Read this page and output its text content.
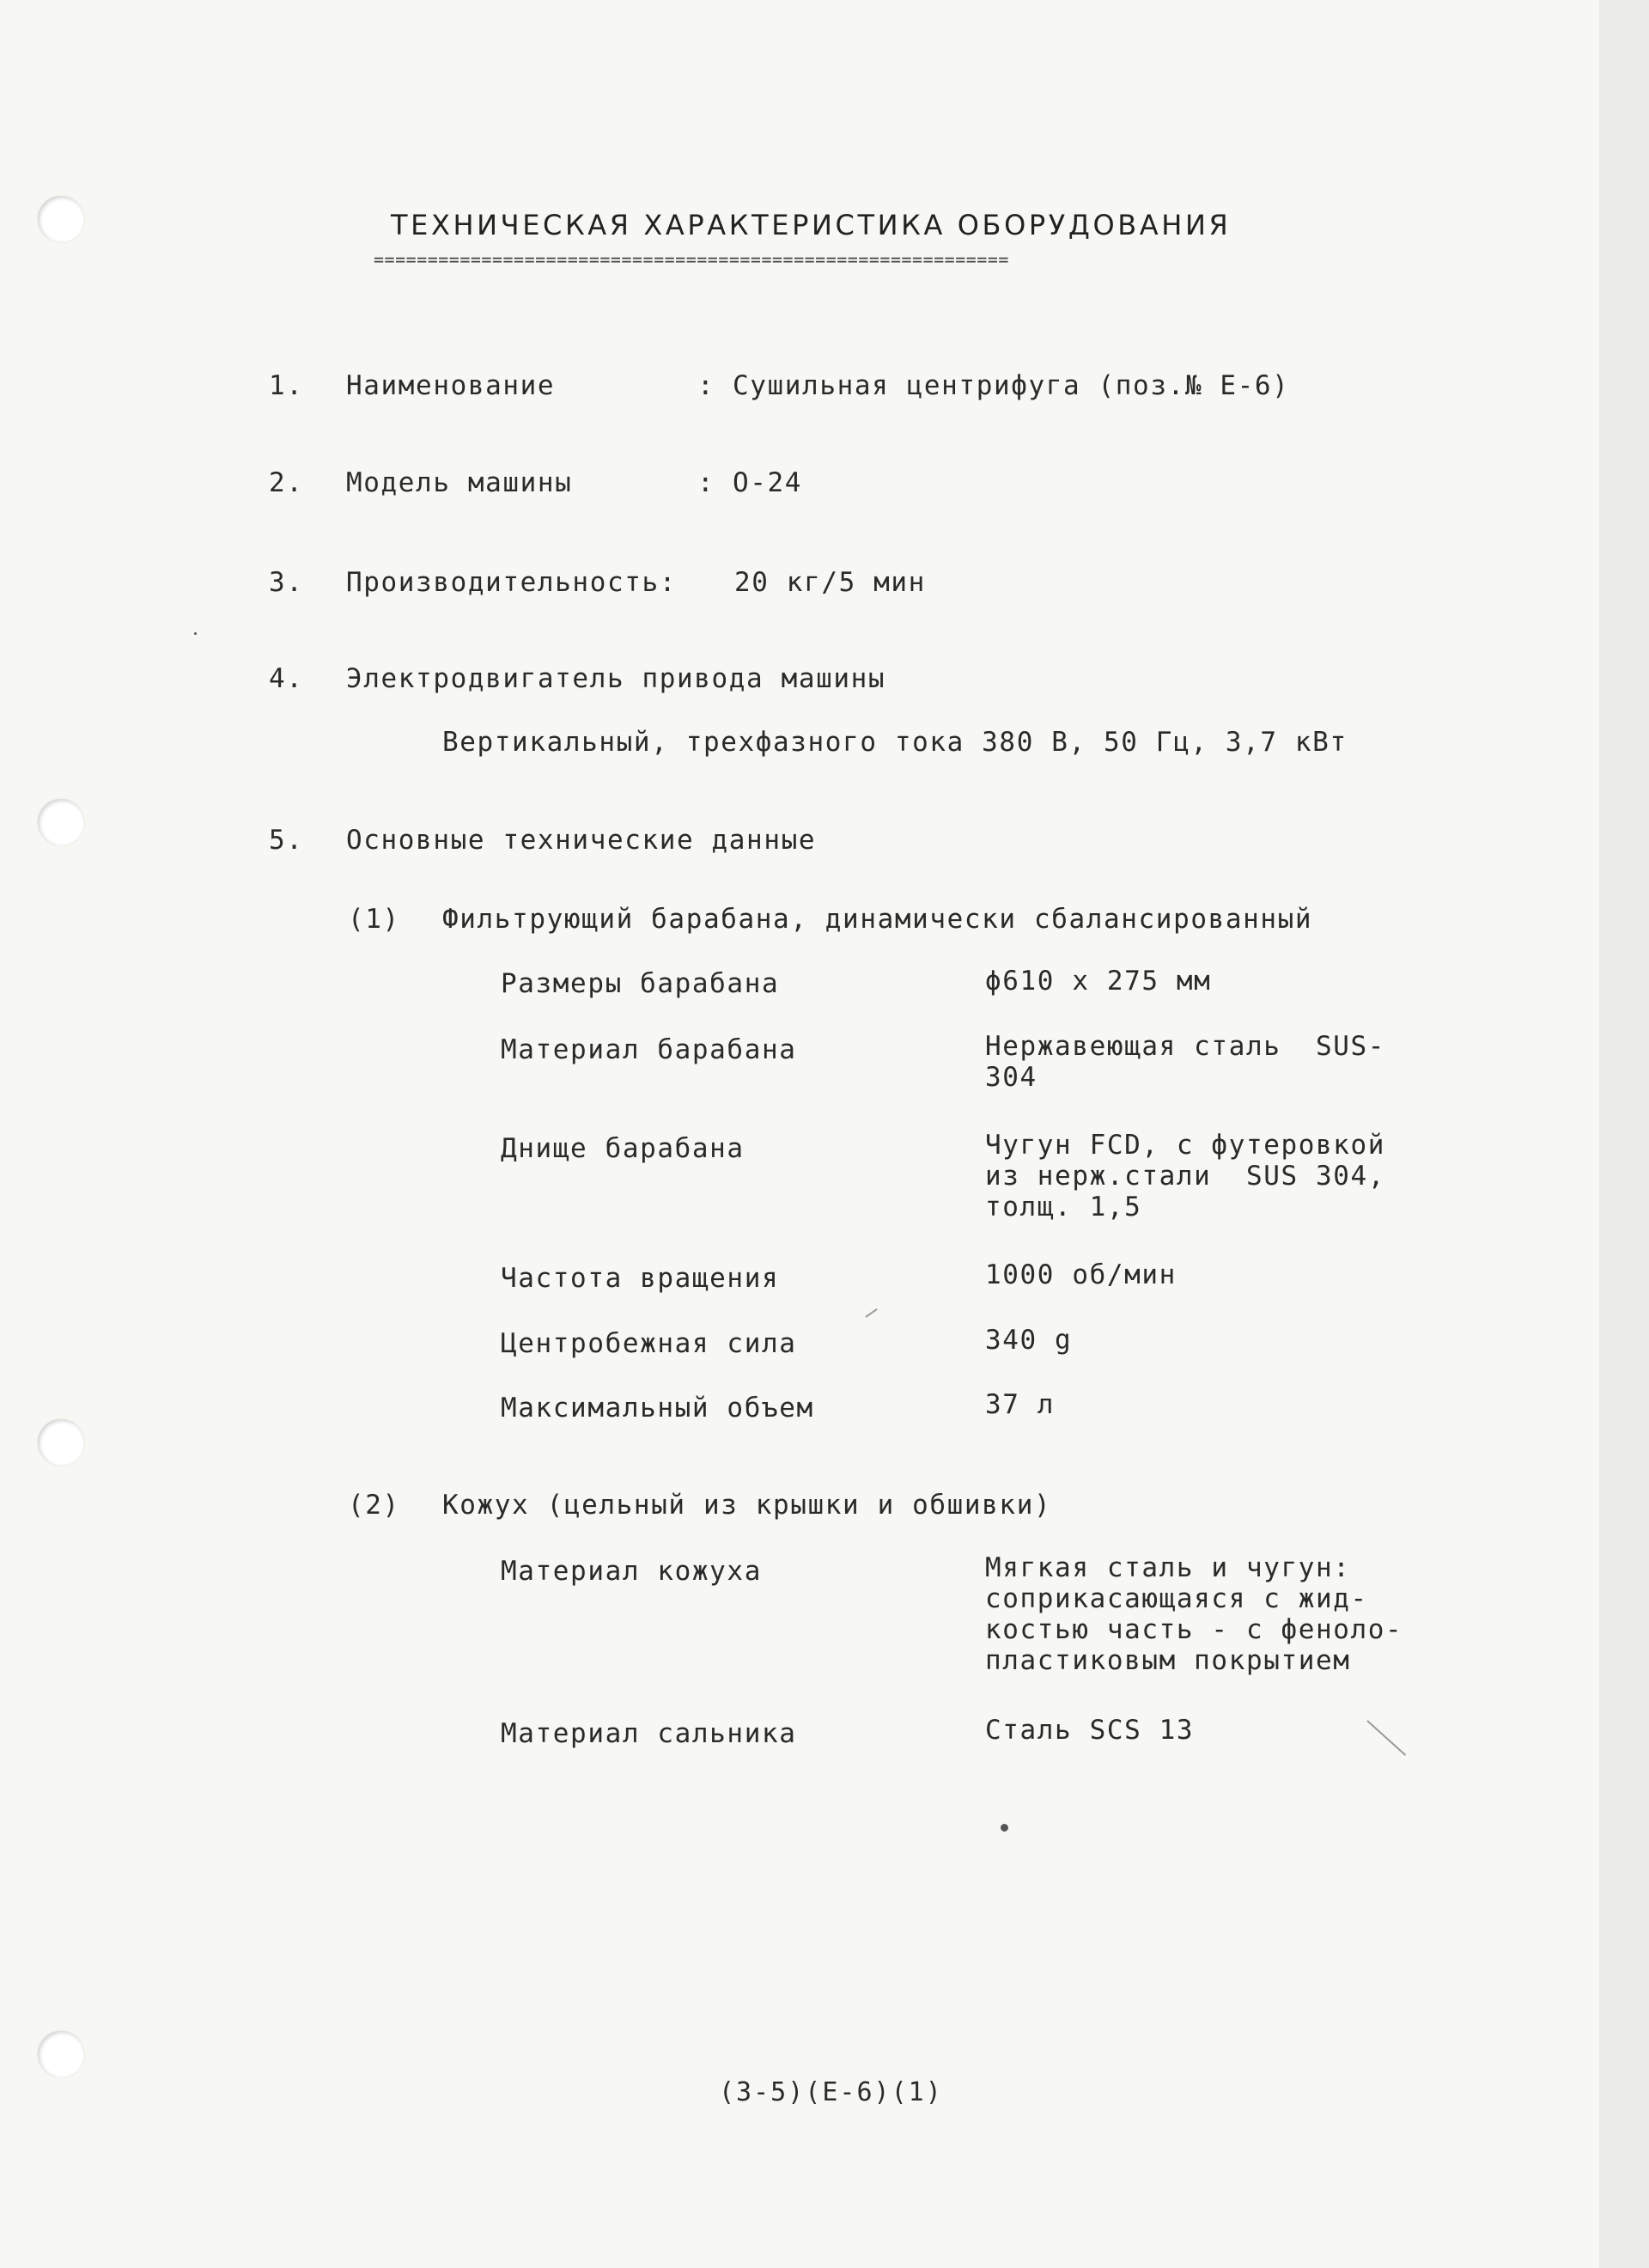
ТЕХНИЧЕСКАЯ ХАРАКТЕРИСТИКА ОБОРУДОВАНИЯ
===========================================================
1. Наименование	: Сушильная центрифуга (поз.№ Е-6)
2. Модель машины	: О-24
3. Производительность: 20 кг/5 мин
4. Электродвигатель привода машины
Вертикальный, трехфазного тока 380 В, 50 Гц, 3,7 кВт
5. Основные технические данные
(1) Фильтрующий барабана, динамически сбалансированный
Размеры барабана	ϕ610 х 275 мм
Материал барабана	Нержавеющая сталь  SUS-
304
Днище барабана	Чугун FCD, с футеровкой
из нерж.стали  SUS 304,
толщ. 1,5
Частота вращения	1000 об/мин
Центробежная сила	340 g
Максимальный объем	37 л
(2) Кожух (цельный из крышки и обшивки)
Материал кожуха	Мягкая сталь и чугун:
соприкасающаяся с жид-
костью часть - с феноло-
пластиковым покрытием
Материал сальника	Сталь SCS 13
(3-5)(Е-6)(1)
